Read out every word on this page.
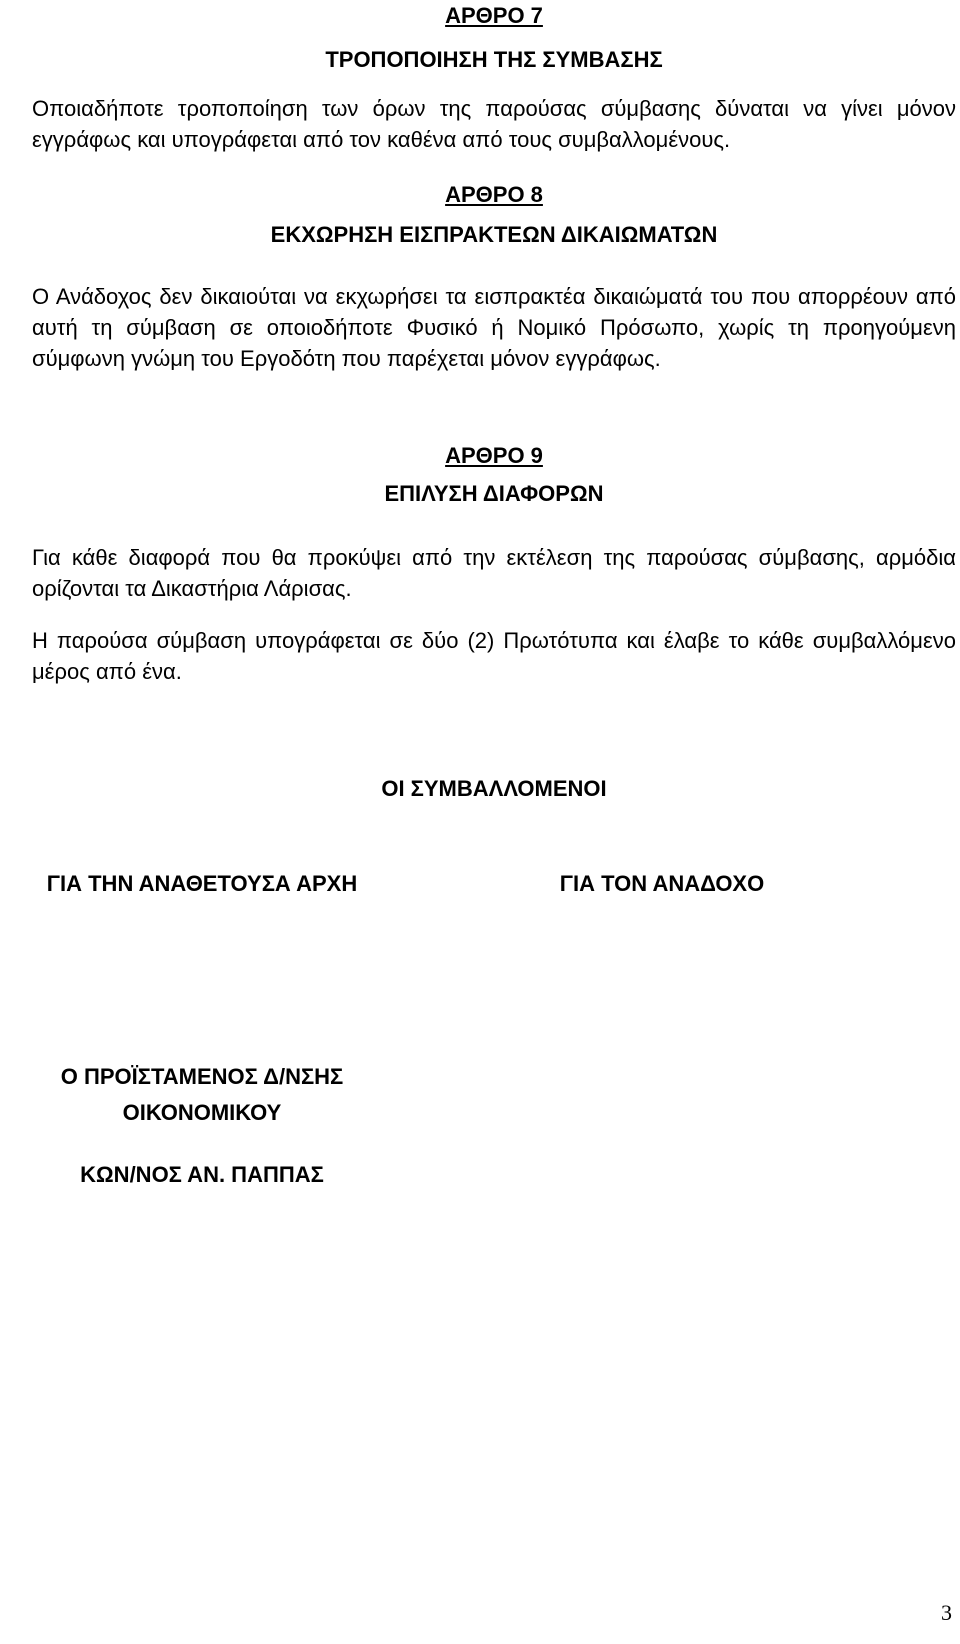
ΑΡΘΡΟ 7

ΤΡΟΠΟΠΟΙΗΣΗ ΤΗΣ ΣΥΜΒΑΣΗΣ

Οποιαδήποτε τροποποίηση των όρων της παρούσας σύμβασης δύναται να γίνει μόνον εγγράφως και υπογράφεται από τον καθένα από τους συμβαλλομένους.

ΑΡΘΡΟ 8

ΕΚΧΩΡΗΣΗ ΕΙΣΠΡΑΚΤΕΩΝ ΔΙΚΑΙΩΜΑΤΩΝ

Ο Ανάδοχος δεν δικαιούται να εκχωρήσει τα εισπρακτέα δικαιώματά του που απορρέουν από αυτή τη σύμβαση σε οποιοδήποτε Φυσικό ή Νομικό Πρόσωπο, χωρίς τη προηγούμενη σύμφωνη γνώμη του Εργοδότη που παρέχεται μόνον εγγράφως.

ΑΡΘΡΟ 9

ΕΠΙΛΥΣΗ ΔΙΑΦΟΡΩΝ

Για κάθε διαφορά που θα προκύψει από την εκτέλεση της παρούσας σύμβασης, αρμόδια ορίζονται τα Δικαστήρια Λάρισας.

Η παρούσα σύμβαση υπογράφεται σε δύο (2) Πρωτότυπα και έλαβε το κάθε συμβαλλόμενο μέρος από ένα.

ΟΙ ΣΥΜΒΑΛΛΟΜΕΝΟΙ

ΓΙΑ ΤΗΝ ΑΝΑΘΕΤΟΥΣΑ ΑΡΧΗ	ΓΙΑ ΤΟΝ ΑΝΑΔΟΧΟ
Ο ΠΡΟΪΣΤΑΜΕΝΟΣ Δ/ΝΣΗΣ
ΟΙΚΟΝΟΜΙΚΟΥ
ΚΩΝ/ΝΟΣ ΑΝ. ΠΑΠΠΑΣ
3
